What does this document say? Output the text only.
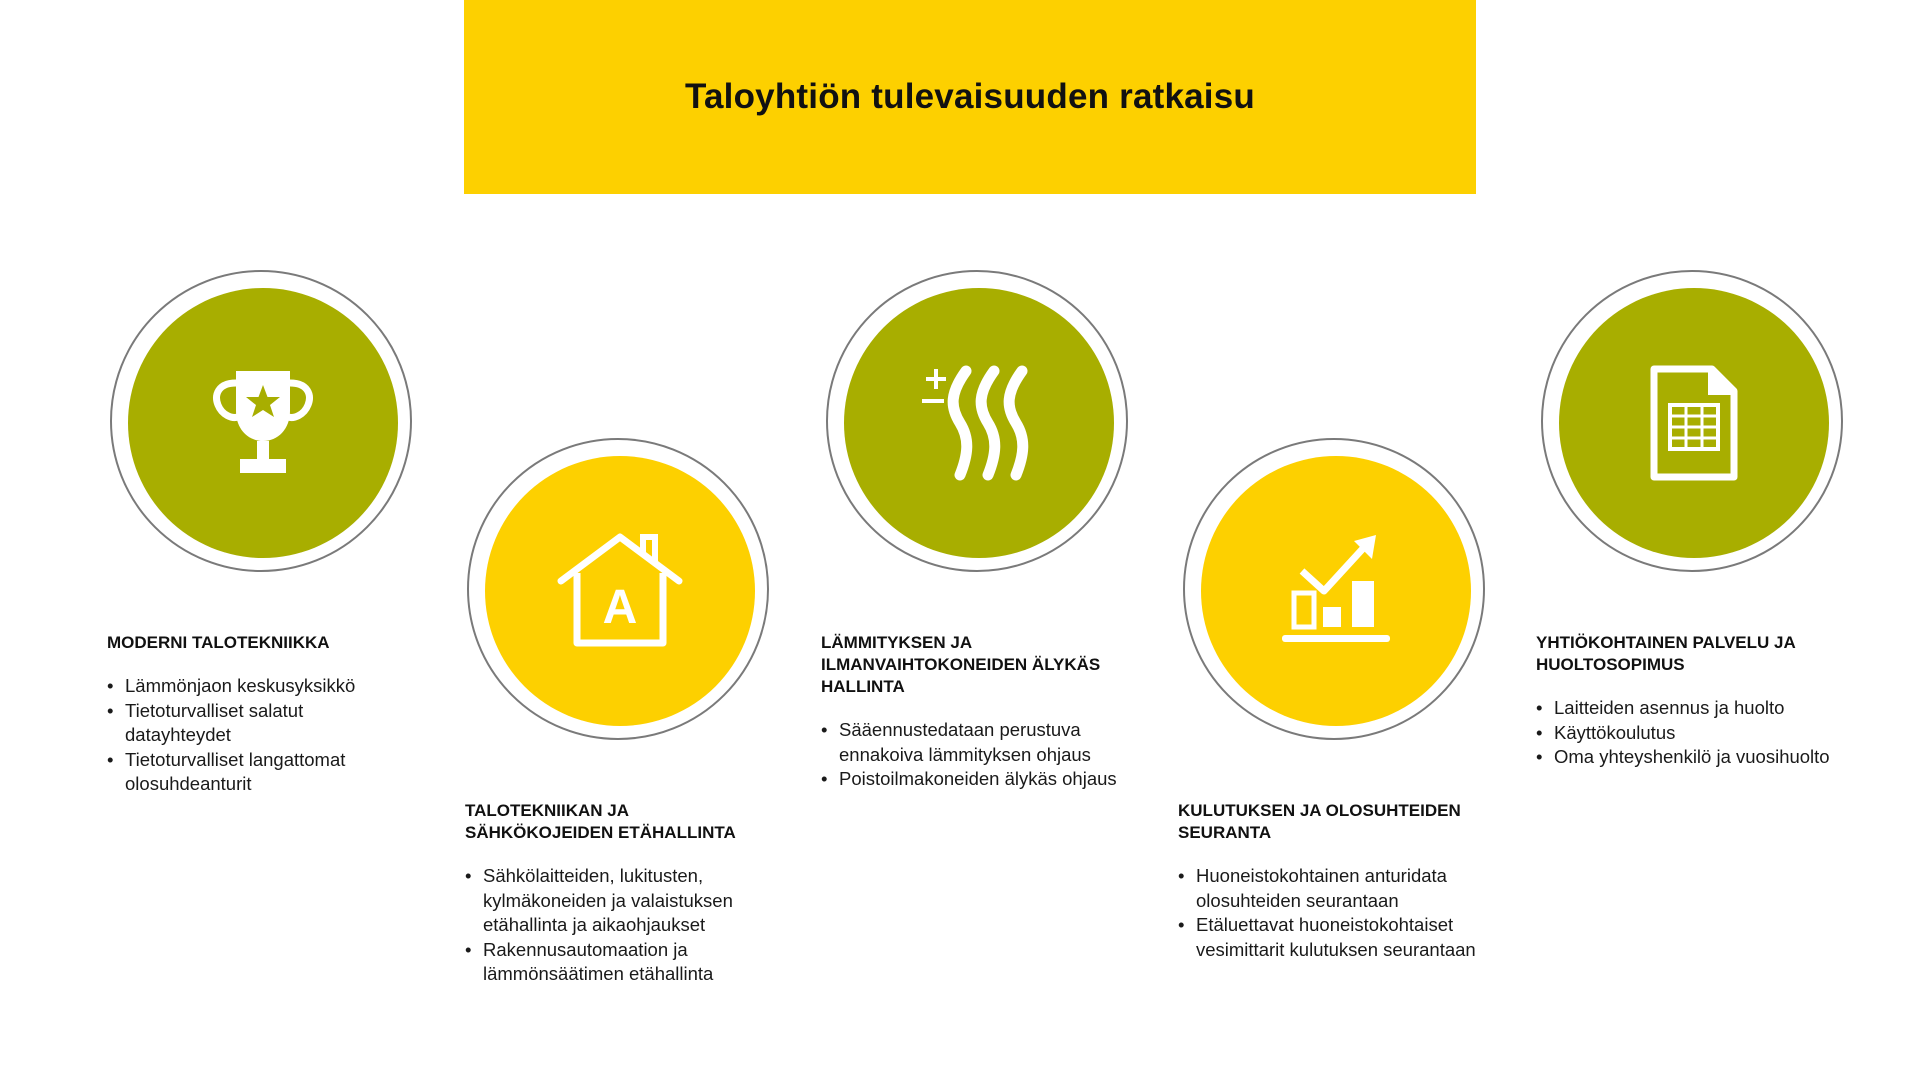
Taloyhtiön tulevaisuuden ratkaisu
A
MODERNI TALOTEKNIIKKA
• Lämmönjaon keskusyksikkö
• Tietoturvalliset salatut datayhteydet
• Tietoturvalliset langattomat olosuhdeanturit
TALOTEKNIIKAN JA SÄHKÖKOJEIDEN ETÄHALLINTA
• Sähkölaitteiden, lukitusten, kylmäkoneiden ja valaistuksen etähallinta ja aikaohjaukset
• Rakennusautomaation ja lämmönsäätimen etähallinta
LÄMMITYKSEN JA ILMANVAIHTOKONEIDEN ÄLYKÄS HALLINTA
• Sääennustedataan perustuva ennakoiva lämmityksen ohjaus
• Poistoilmakoneiden älykäs ohjaus
KULUTUKSEN JA OLOSUHTEIDEN SEURANTA
• Huoneistokohtainen anturidata olosuhteiden seurantaan
• Etäluettavat huoneistokohtaiset vesimittarit kulutuksen seurantaan
YHTIÖKOHTAINEN PALVELU JA HUOLTOSOPIMUS
• Laitteiden asennus ja huolto
• Käyttökoulutus
• Oma yhteyshenkilö ja vuosihuolto
